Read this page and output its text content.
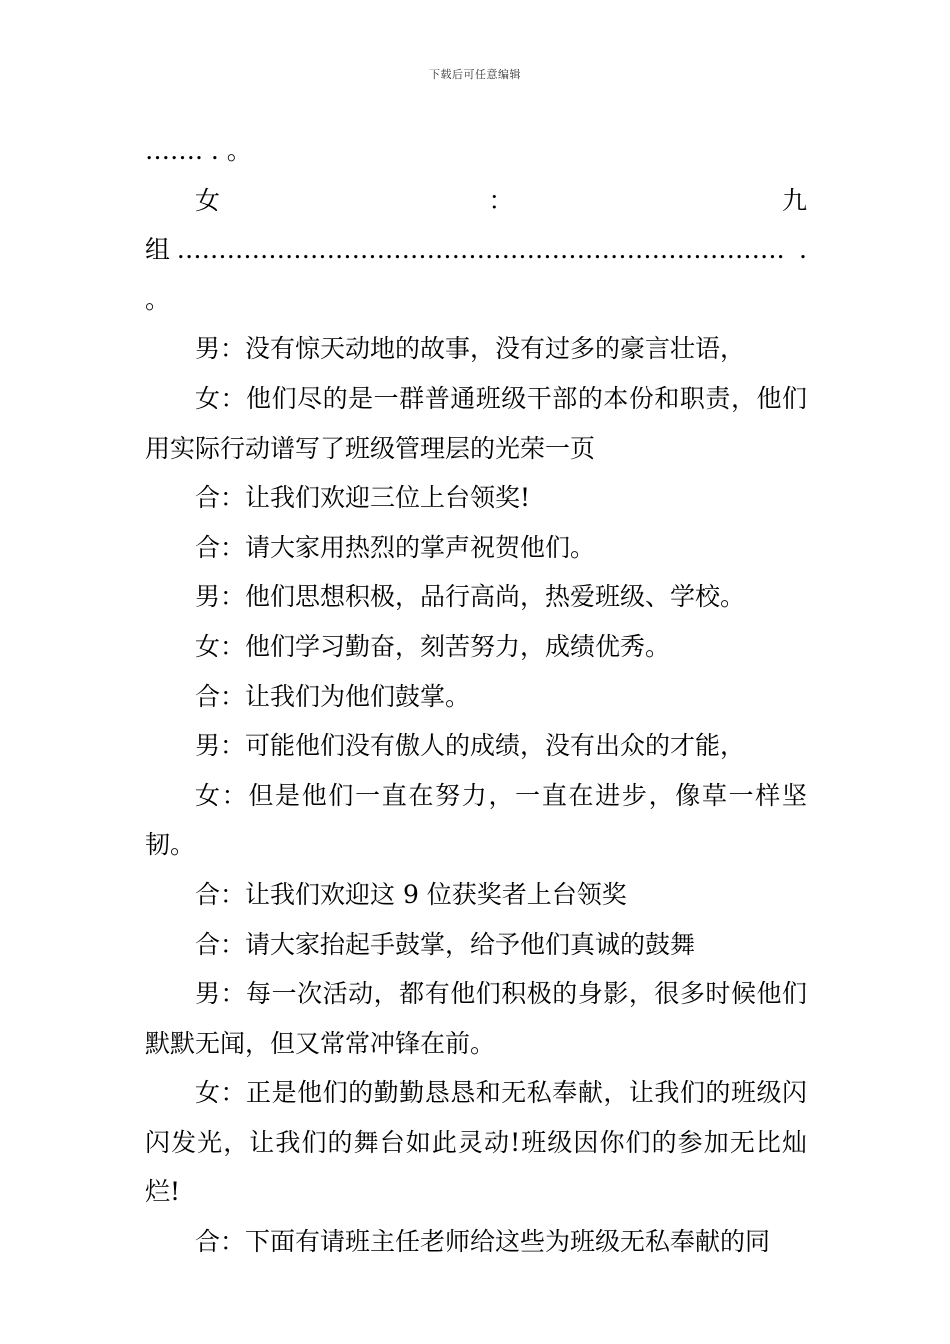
下载后可任意编辑

……. . 。

女：九组………………………………………………………………. . 。

男：没有惊天动地的故事，没有过多的豪言壮语，

女：他们尽的是一群普通班级干部的本份和职责，他们用实际行动谱写了班级管理层的光荣一页

合：让我们欢迎三位上台领奖!

合：请大家用热烈的掌声祝贺他们。

男：他们思想积极，品行高尚，热爱班级、学校。

女：他们学习勤奋，刻苦努力，成绩优秀。

合：让我们为他们鼓掌。

男：可能他们没有傲人的成绩，没有出众的才能，

女：但是他们一直在努力，一直在进步，像草一样坚韧。

合：让我们欢迎这 9 位获奖者上台领奖

合：请大家抬起手鼓掌，给予他们真诚的鼓舞

男：每一次活动，都有他们积极的身影，很多时候他们默默无闻，但又常常冲锋在前。

女：正是他们的勤勤恳恳和无私奉献，让我们的班级闪闪发光，让我们的舞台如此灵动!班级因你们的参加无比灿烂!

合：下面有请班主任老师给这些为班级无私奉献的同
